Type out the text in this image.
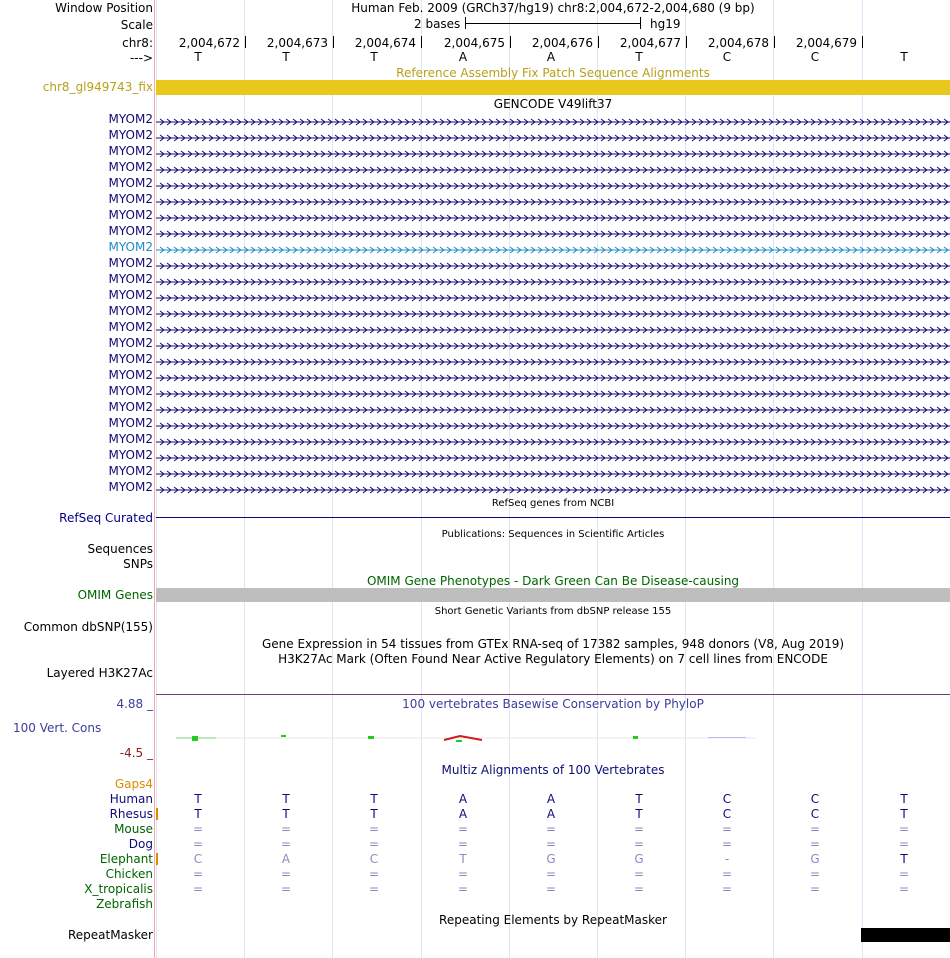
Window Position	Human Feb. 2009 (GRCh37/hg19) chr8:2,004,672-2,004,680 (9 bp)
Scale	2 bases	hg19
chr8: 2,004,672 2,004,673 2,004,674 2,004,675 2,004,676 2,004,677 2,004,678 2,004,679
--->	T	T	T	A	A	T	C	C	T
Reference Assembly Fix Patch Sequence Alignments
chr8_gl949743_fix
GENCODE V49lift37
MYOM2
MYOM2
MYOM2
MYOM2
MYOM2
MYOM2
MYOM2
MYOM2
MYOM2
MYOM2
MYOM2
MYOM2
MYOM2
MYOM2
MYOM2
MYOM2
MYOM2
MYOM2
MYOM2
MYOM2
MYOM2
MYOM2
MYOM2
MYOM2
RefSeq genes from NCBI
RefSeq Curated
Publications: Sequences in Scientific Articles
Sequences
SNPs
OMIM Gene Phenotypes - Dark Green Can Be Disease-causing
OMIM Genes
Short Genetic Variants from dbSNP release 155
Common dbSNP(155)
Gene Expression in 54 tissues from GTEx RNA-seq of 17382 samples, 948 donors (V8, Aug 2019)
H3K27Ac Mark (Often Found Near Active Regulatory Elements) on 7 cell lines from ENCODE
Layered H3K27Ac
4.88 _	100 vertebrates Basewise Conservation by PhyloP
100 Vert. Cons
-4.5 _
Gaps4
Multiz Alignments of 100 Vertebrates
Human	T	T	T	A	A	T	C	C	T
Rhesus	T	T	T	A	A	T	C	C	T
Mouse	=	=	=	=	=	=	=	=	=
Dog	=	=	=	=	=	=	=	=	=
Elephant	C	A	C	T	G	G	-	G	T
Chicken	=	=	=	=	=	=	=	=	=
X_tropicalis	=	=	=	=	=	=	=	=	=
Zebrafish
Repeating Elements by RepeatMasker
RepeatMasker
